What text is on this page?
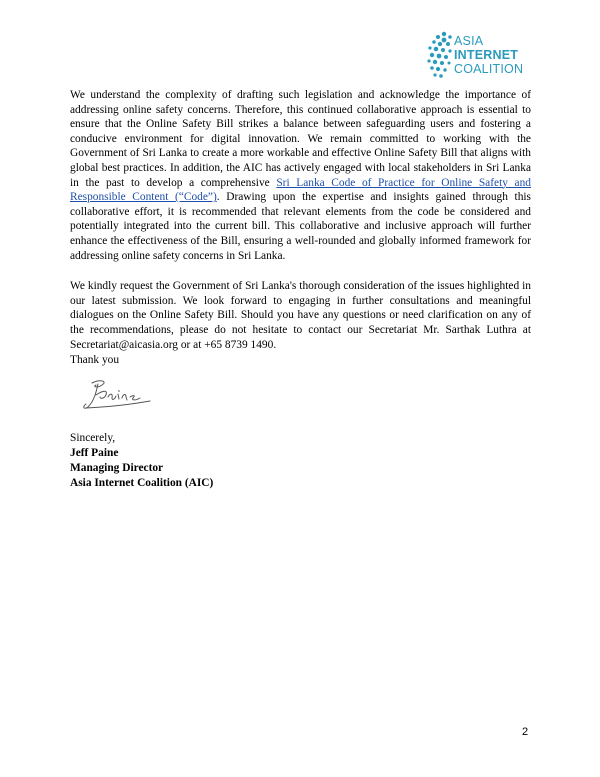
ASIA
INTERNET
COALITION

We understand the complexity of drafting such legislation and acknowledge the importance of addressing online safety concerns. Therefore, this continued collaborative approach is essential to ensure that the Online Safety Bill strikes a balance between safeguarding users and fostering a conducive environment for digital innovation. We remain committed to working with the Government of Sri Lanka to create a more workable and effective Online Safety Bill that aligns with global best practices. In addition, the AIC has actively engaged with local stakeholders in Sri Lanka in the past to develop a comprehensive Sri Lanka Code of Practice for Online Safety and Responsible Content (“Code”). Drawing upon the expertise and insights gained through this collaborative effort, it is recommended that relevant elements from the code be considered and potentially integrated into the current bill. This collaborative and inclusive approach will further enhance the effectiveness of the Bill, ensuring a well-rounded and globally informed framework for addressing online safety concerns in Sri Lanka.

We kindly request the Government of Sri Lanka's thorough consideration of the issues highlighted in our latest submission. We look forward to engaging in further consultations and meaningful dialogues on the Online Safety Bill. Should you have any questions or need clarification on any of the recommendations, please do not hesitate to contact our Secretariat Mr. Sarthak Luthra at Secretariat@aicasia.org or at +65 8739 1490.

Thank you
Sincerely,
Jeff Paine
Managing Director
Asia Internet Coalition (AIC)
2
